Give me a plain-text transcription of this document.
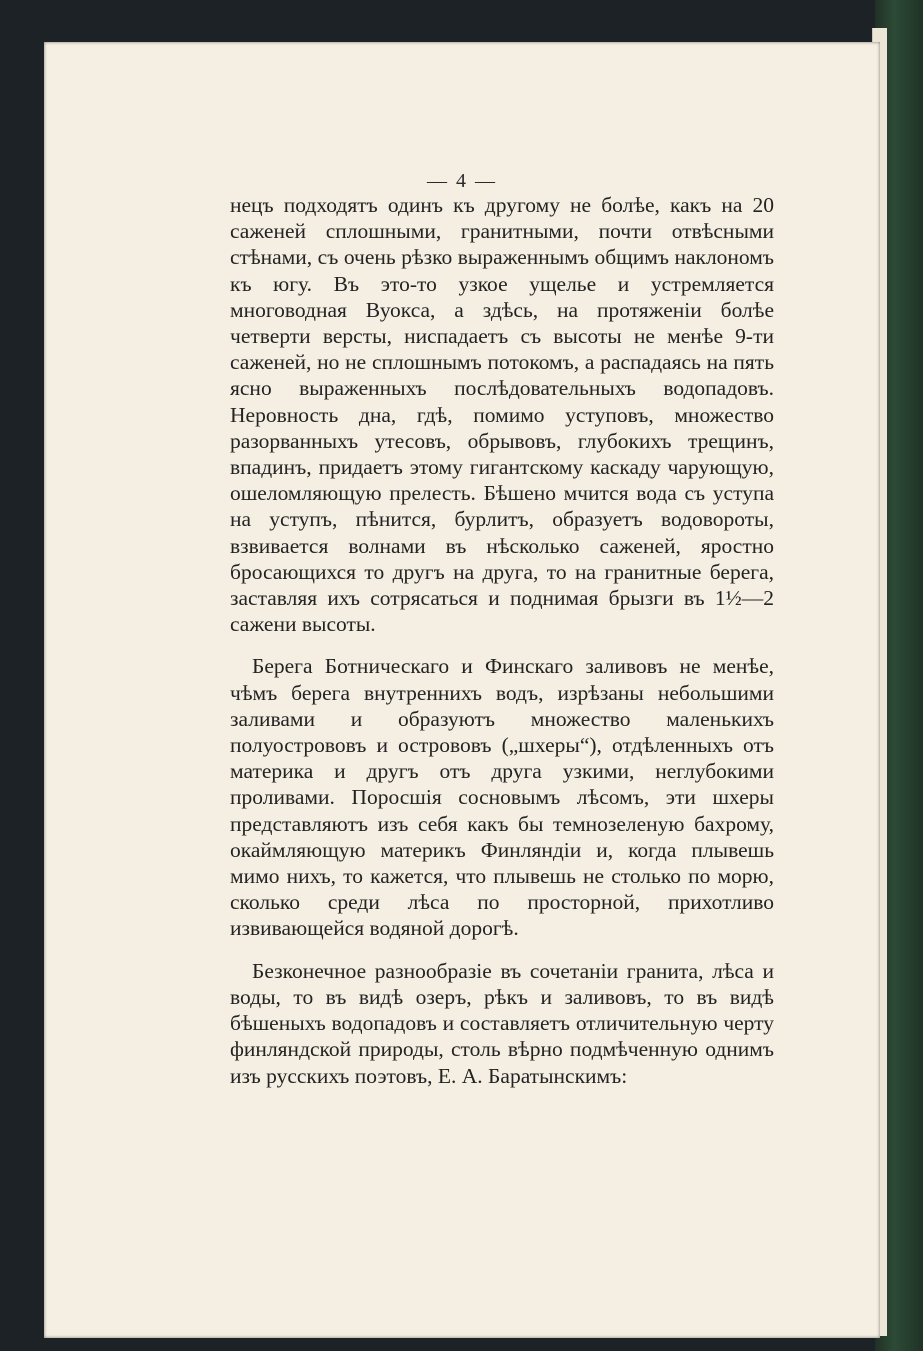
— 4 —

нецъ подходятъ одинъ къ другому не болѣе, какъ на 20 саженей сплошными, гранитными, почти отвѣсными стѣнами, съ очень рѣзко выраженнымъ общимъ наклономъ къ югу. Въ это-то узкое ущелье и устремляется многоводная Вуокса, а здѣсь, на протяженіи болѣе четверти версты, ниспадаетъ съ высоты не менѣе 9-ти саженей, но не сплошнымъ потокомъ, а распадаясь на пять ясно выраженныхъ послѣдовательныхъ водопадовъ. Неровность дна, гдѣ, помимо уступовъ, множество разорванныхъ утесовъ, обрывовъ, глубокихъ трещинъ, впадинъ, придаетъ этому гигантскому каскаду чарующую, ошеломляющую прелесть. Бѣшено мчится вода съ уступа на уступъ, пѣнится, бурлитъ, образуетъ водовороты, взвивается волнами въ нѣсколько саженей, яростно бросающихся то другъ на друга, то на гранитные берега, заставляя ихъ сотрясаться и поднимая брызги въ 1½—2 сажени высоты.

Берега Ботническаго и Финскаго заливовъ не менѣе, чѣмъ берега внутреннихъ водъ, изрѣзаны небольшими заливами и образуютъ множество маленькихъ полуострововъ и острововъ („шхеры“), отдѣленныхъ отъ материка и другъ отъ друга узкими, неглубокими проливами. Поросшія сосновымъ лѣсомъ, эти шхеры представляютъ изъ себя какъ бы темнозеленую бахрому, окаймляющую материкъ Финляндіи и, когда плывешь мимо нихъ, то кажется, что плывешь не столько по морю, сколько среди лѣса по просторной, прихотливо извивающейся водяной дорогѣ.

Безконечное разнообразіе въ сочетаніи гранита, лѣса и воды, то въ видѣ озеръ, рѣкъ и заливовъ, то въ видѣ бѣшеныхъ водопадовъ и составляетъ отличительную черту финляндской природы, столь вѣрно подмѣченную однимъ изъ русскихъ поэтовъ, Е. А. Баратынскимъ:
